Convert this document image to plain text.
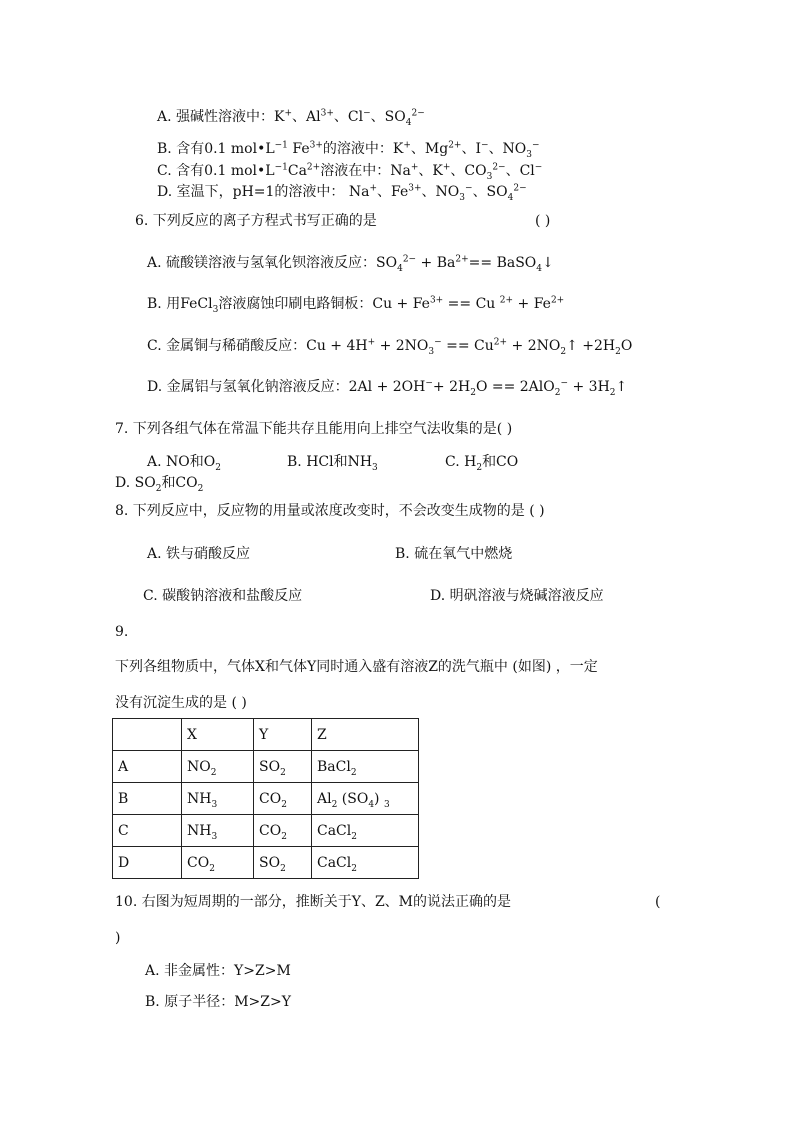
A. 强碱性溶液中：K+、$Al^{3+}$、Cl−、$SO_4^{2-}$
B. 含有0.1 $mol•L^{-1}$ $Fe^{3+}$的溶液中：K+、$Mg^{2+}$、I−、$NO_3^-$
C. 含有0.1 $mol•L^{-1}Ca^{2+}$溶液在中：Na+、K+、$CO_3^{2-}$、Cl−
D. 室温下，pH=1的溶液中： Na+、$Fe^{3+}$、$NO_3^-$、$SO_4^{2-}$
6. 下列反应的离子方程式书写正确的是	( )
A. 硫酸镁溶液与氢氧化钡溶液反应：$SO_4^{2-} + Ba^{2+}==$ BaSO$_4$↓
B. 用FeCl$_3$溶液腐蚀印刷电路铜板：$Cu + Fe^{3+} == Cu$ $^{2+} + Fe^{2+}$
C. 金属铜与稀硝酸反应：$Cu + 4H^+ + 2NO_3^- == Cu^{2+}$ + $2NO_2↑ +2H_2O$
D. 金属铝与氢氧化钠溶液反应：$2Al + 2OH^-+ 2H_2O == 2AlO_2^-$ + $3H_2↑$
7. 下列各组气体在常温下能共存且能用向上排空气法收集的是( )
A. NO和$O_2$	B. HCl和$NH_3$	C. $H_2$和CO
D. $SO_2$和$CO_2$
8. 下列反应中，反应物的用量或浓度改变时，不会改变生成物的是 ( )
A. 铁与硝酸反应	B. 硫在氧气中燃烧
C. 碳酸钠溶液和盐酸反应	D. 明矾溶液与烧碱溶液反应
9.
下列各组物质中，气体X和气体Y同时通入盛有溶液Z的洗气瓶中 (如图) ，一定
没有沉淀生成的是 ( )
	X	Y	Z
A	$NO_2$	$SO_2$	BaCl$_2$
B	$NH_3$	$CO_2$	$Al_2$ $(SO_4)$ $_3$
C	$NH_3$	$CO_2$	CaCl$_2$
D	$CO_2$	$SO_2$	CaCl$_2$
10. 右图为短周期的一部分，推断关于Y、Z、M的说法正确的是	(
)
A. 非金属性：Y>Z>M
B. 原子半径：M>Z>Y
